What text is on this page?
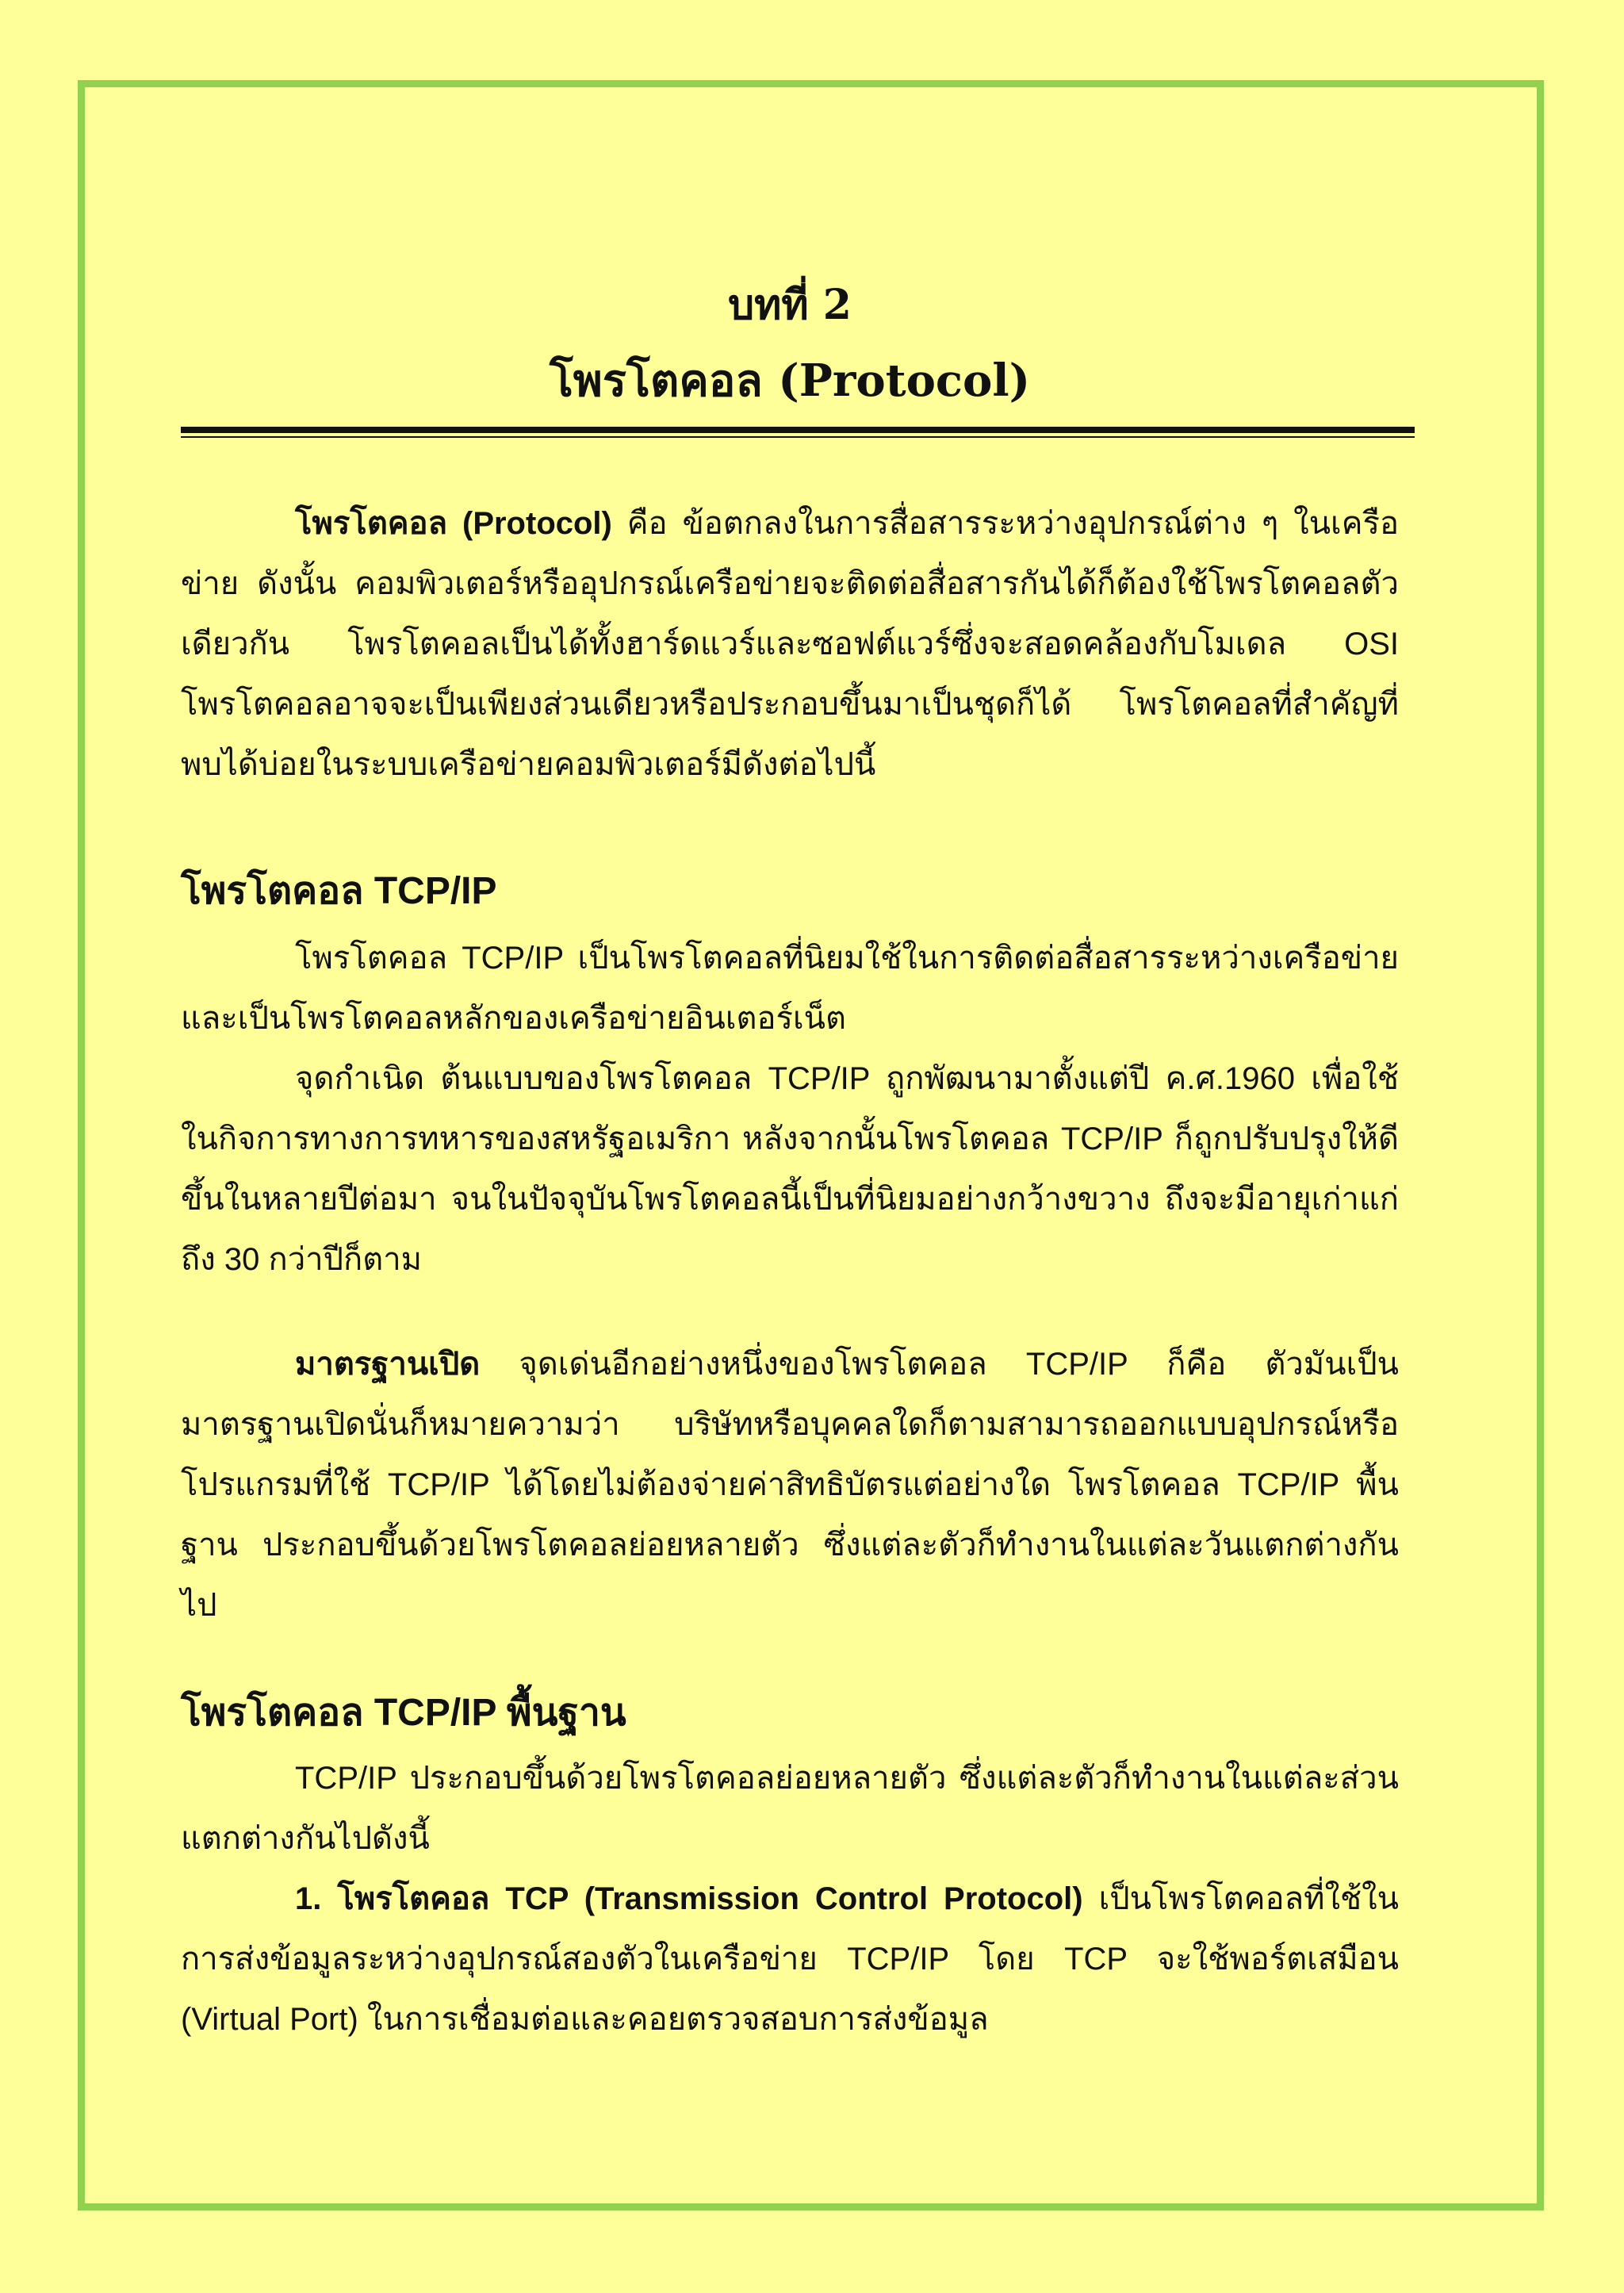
บทที่ 2
โพรโตคอล (Protocol)

โพรโตคอล (Protocol) คือ ข้อตกลงในการสื่อสารระหว่างอุปกรณ์ต่าง ๆ ในเครือข่าย ดังนั้น คอมพิวเตอร์หรืออุปกรณ์เครือข่ายจะติดต่อสื่อสารกันได้ก็ต้องใช้โพรโตคอลตัวเดียวกัน โพรโตคอลเป็นได้ทั้งฮาร์ดแวร์และซอฟต์แวร์ซึ่งจะสอดคล้องกับโมเดล OSI โพรโตคอลอาจจะเป็นเพียงส่วนเดียวหรือประกอบขึ้นมาเป็นชุดก็ได้ โพรโตคอลที่สำคัญที่พบได้บ่อยในระบบเครือข่ายคอมพิวเตอร์มีดังต่อไปนี้

โพรโตคอล TCP/IP

โพรโตคอล TCP/IP เป็นโพรโตคอลที่นิยมใช้ในการติดต่อสื่อสารระหว่างเครือข่ายและเป็นโพรโตคอลหลักของเครือข่ายอินเตอร์เน็ต

จุดกำเนิด ต้นแบบของโพรโตคอล TCP/IP ถูกพัฒนามาตั้งแต่ปี ค.ศ.1960 เพื่อใช้ในกิจการทางการทหารของสหรัฐอเมริกา หลังจากนั้นโพรโตคอล TCP/IP ก็ถูกปรับปรุงให้ดีขึ้นในหลายปีต่อมา จนในปัจจุบันโพรโตคอลนี้เป็นที่นิยมอย่างกว้างขวาง ถึงจะมีอายุเก่าแก่ถึง 30 กว่าปีก็ตาม

มาตรฐานเปิด จุดเด่นอีกอย่างหนึ่งของโพรโตคอล TCP/IP ก็คือ ตัวมันเป็นมาตรฐานเปิดนั่นก็หมายความว่า บริษัทหรือบุคคลใดก็ตามสามารถออกแบบอุปกรณ์หรือโปรแกรมที่ใช้ TCP/IP ได้โดยไม่ต้องจ่ายค่าสิทธิบัตรแต่อย่างใด โพรโตคอล TCP/IP พื้นฐาน ประกอบขึ้นด้วยโพรโตคอลย่อยหลายตัว ซึ่งแต่ละตัวก็ทำงานในแต่ละวันแตกต่างกันไป

โพรโตคอล TCP/IP พื้นฐาน

TCP/IP ประกอบขึ้นด้วยโพรโตคอลย่อยหลายตัว ซึ่งแต่ละตัวก็ทำงานในแต่ละส่วนแตกต่างกันไปดังนี้

1. โพรโตคอล TCP (Transmission Control Protocol) เป็นโพรโตคอลที่ใช้ในการส่งข้อมูลระหว่างอุปกรณ์สองตัวในเครือข่าย TCP/IP โดย TCP จะใช้พอร์ตเสมือน (Virtual Port) ในการเชื่อมต่อและคอยตรวจสอบการส่งข้อมูล
